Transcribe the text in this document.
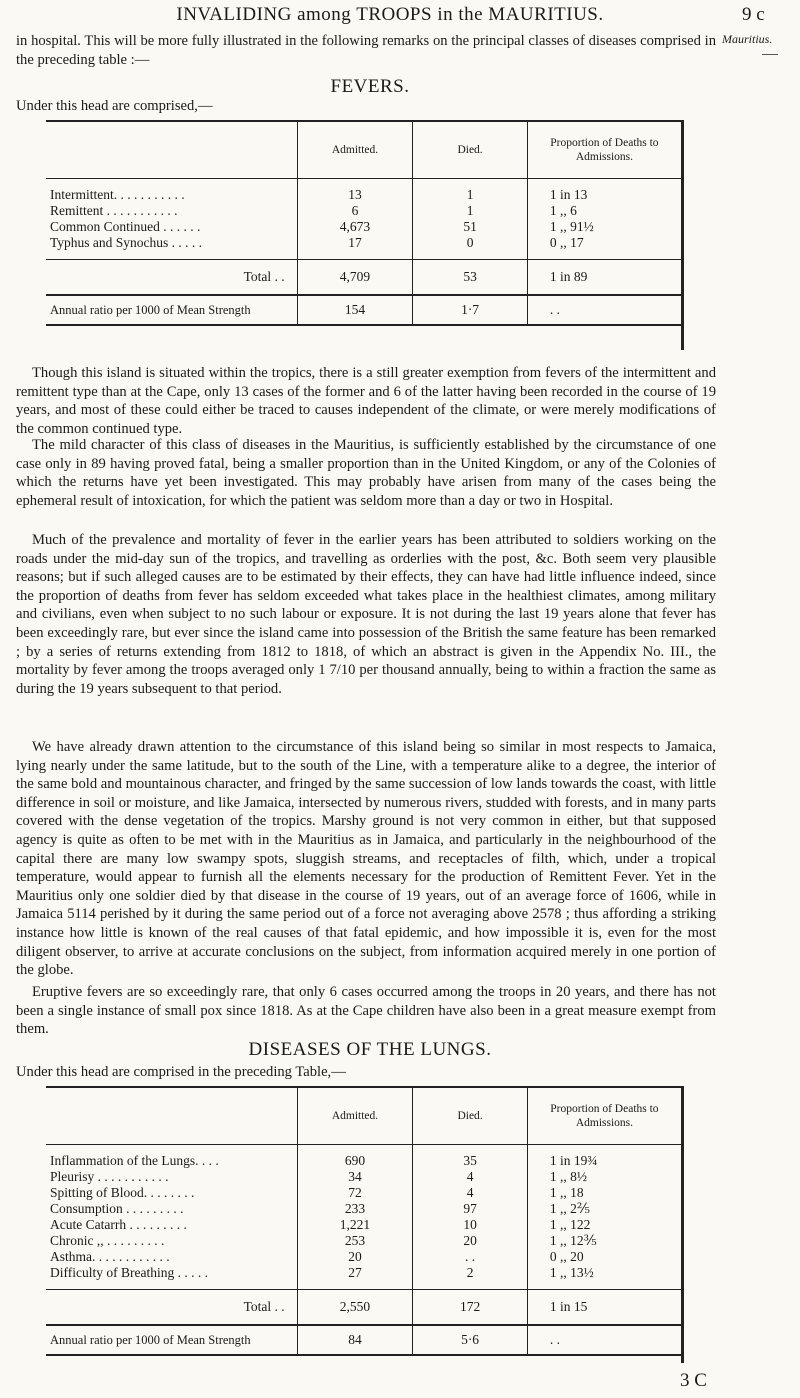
INVALIDING among TROOPS in the MAURITIUS.	9 c
Mauritius.

in hospital. This will be more fully illustrated in the following remarks on the principal classes of diseases comprised in the preceding table :—

FEVERS.
Under this head are comprised,—
	Admitted.	Died.	Proportion of Deaths to Admissions.
Intermittent. . . . . . . . . . .	13	1	1 in 13
Remittent . . . . . . . . . . .	6	1	1 ,, 6
Common Continued . . . . . .	4,673	51	1 ,, 91½
Typhus and Synochus . . . . .	17	0	0 ,, 17
Total . .	4,709	53	1 in 89
Annual ratio per 1000 of Mean Strength	154	1·7	. .

Though this island is situated within the tropics, there is a still greater exemption from fevers of the intermittent and remittent type than at the Cape, only 13 cases of the former and 6 of the latter having been recorded in the course of 19 years, and most of these could either be traced to causes independent of the climate, or were merely modifications of the common continued type.

The mild character of this class of diseases in the Mauritius, is sufficiently established by the circumstance of one case only in 89 having proved fatal, being a smaller proportion than in the United Kingdom, or any of the Colonies of which the returns have yet been investigated. This may probably have arisen from many of the cases being the ephemeral result of intoxication, for which the patient was seldom more than a day or two in Hospital.

Much of the prevalence and mortality of fever in the earlier years has been attributed to soldiers working on the roads under the mid-day sun of the tropics, and travelling as orderlies with the post, &c. Both seem very plausible reasons; but if such alleged causes are to be estimated by their effects, they can have had little influence indeed, since the proportion of deaths from fever has seldom exceeded what takes place in the healthiest climates, among military and civilians, even when subject to no such labour or exposure. It is not during the last 19 years alone that fever has been exceedingly rare, but ever since the island came into possession of the British the same feature has been remarked ; by a series of returns extending from 1812 to 1818, of which an abstract is given in the Appendix No. III., the mortality by fever among the troops averaged only 1 7/10 per thousand annually, being to within a fraction the same as during the 19 years subsequent to that period.

We have already drawn attention to the circumstance of this island being so similar in most respects to Jamaica, lying nearly under the same latitude, but to the south of the Line, with a temperature alike to a degree, the interior of the same bold and mountainous character, and fringed by the same succession of low lands towards the coast, with little difference in soil or moisture, and like Jamaica, intersected by numerous rivers, studded with forests, and in many parts covered with the dense vegetation of the tropics. Marshy ground is not very common in either, but that supposed agency is quite as often to be met with in the Mauritius as in Jamaica, and particularly in the neighbourhood of the capital there are many low swampy spots, sluggish streams, and receptacles of filth, which, under a tropical temperature, would appear to furnish all the elements necessary for the production of Remittent Fever. Yet in the Mauritius only one soldier died by that disease in the course of 19 years, out of an average force of 1606, while in Jamaica 5114 perished by it during the same period out of a force not averaging above 2578 ; thus affording a striking instance how little is known of the real causes of that fatal epidemic, and how impossible it is, even for the most diligent observer, to arrive at accurate conclusions on the subject, from information acquired merely in one portion of the globe.

Eruptive fevers are so exceedingly rare, that only 6 cases occurred among the troops in 20 years, and there has not been a single instance of small pox since 1818. As at the Cape children have also been in a great measure exempt from them.

DISEASES OF THE LUNGS.
Under this head are comprised in the preceding Table,—
	Admitted.	Died.	Proportion of Deaths to Admissions.
Inflammation of the Lungs. . . .	690	35	1 in 19¾
Pleurisy . . . . . . . . . . .	34	4	1 ,, 8½
Spitting of Blood. . . . . . . .	72	4	1 ,, 18
Consumption . . . . . . . . .	233	97	1 ,, 2⅖
Acute Catarrh . . . . . . . . .	1,221	10	1 ,, 122
Chronic ,, . . . . . . . . .	253	20	1 ,, 12⅗
Asthma. . . . . . . . . . . .	20	. .	0 ,, 20
Difficulty of Breathing . . . . .	27	2	1 ,, 13½
Total . .	2,550	172	1 in 15
Annual ratio per 1000 of Mean Strength	84	5·6	. .
3 C
